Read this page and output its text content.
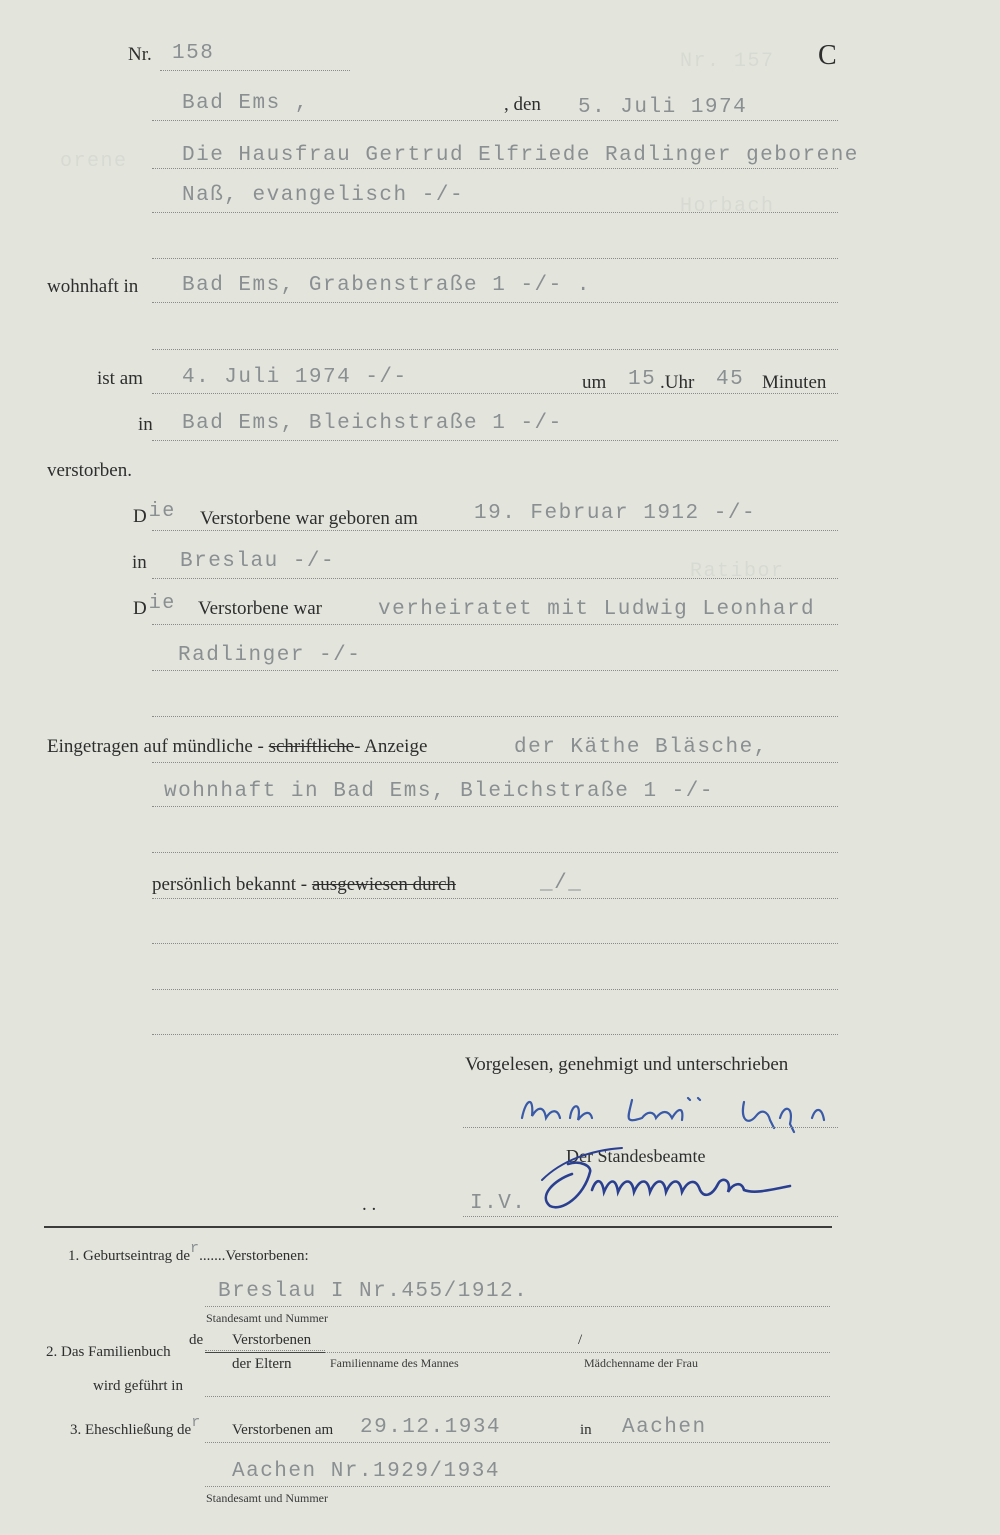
Nr. 157
orene
Horbach
Ratibor
Nr. 158	C
Bad Ems ,	, den 5. Juli 1974
Die Hausfrau Gertrud Elfriede Radlinger geborene
Naß, evangelisch -/-
wohnhaft in Bad Ems, Grabenstraße 1 -/- .
ist am 4. Juli 1974 -/-	um 15 .Uhr 45 Minuten
in Bad Ems, Bleichstraße 1 -/-
verstorben.
D ie Verstorbene war geboren am	19. Februar 1912 -/-
in Breslau -/-
D ie Verstorbene war	verheiratet mit Ludwig Leonhard
Radlinger -/-
Eingetragen auf mündliche - schriftliche- Anzeige	der Käthe Bläsche,
wohnhaft in Bad Ems, Bleichstraße 1 -/-
persönlich bekannt - ausgewiesen durch	_/_
Vorgelesen, genehmigt und unterschrieben
Der Standesbeamte
. .	I.V.
1. Geburtseintrag der.......Verstorbenen:
Breslau I Nr.455/1912.
Standesamt und Nummer
2. Das Familienbuch
de Verstorbenen	/
der Eltern	Familienname des Mannes	Mädchenname der Frau
wird geführt in
3. Eheschließung der Verstorbenen am 29.12.1934	in Aachen
Aachen Nr.1929/1934
Standesamt und Nummer
